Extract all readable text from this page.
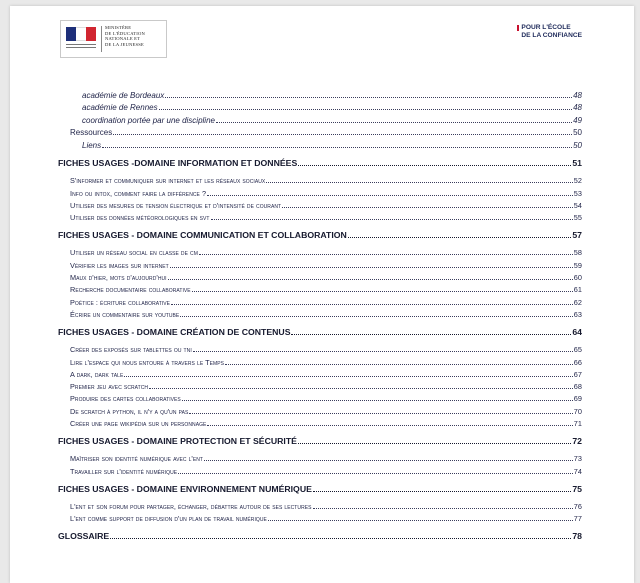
MINISTÈRE
DE L'ÉDUCATION
NATIONALE ET
DE LA JEUNESSE
POUR L'ÉCOLE
DE LA CONFIANCE
académie de Bordeaux	48
académie de Rennes	48
coordination portée par une discipline	49
Ressources	50
Liens	50
FICHES USAGES -DOMAINE INFORMATION ET DONNÉES	51
S'informer et communiquer sur internet et les réseaux sociaux	52
Info ou intox, comment faire la différence ?	53
Utiliser des mesures de tension électrique et d'intensité de courant	54
Utiliser des données météorologiques en svt	55
FICHES USAGES - DOMAINE COMMUNICATION ET COLLABORATION	57
Utiliser un réseau social en classe de cm	58
Vérifier les images sur internet	59
Maux d'hier, mots d'aujourd'hui	60
Recherche documentaire collaborative	61
Poétice : écriture collaborative	62
Écrire un commentaire sur youtube	63
FICHES USAGES - DOMAINE CRÉATION DE CONTENUS	64
Créer des exposés sur tablettes ou tni	65
Lire l'espace qui nous entoure à travers le Temps	66
A dark, dark tale	67
Premier jeu avec scratch	68
Produire des cartes collaboratives	69
De scratch à python, il n'y a qu'un pas	70
Créer une page wikipédia sur un personnage	71
FICHES USAGES - DOMAINE PROTECTION ET SÉCURITÉ	72
Maîtriser son identité numérique avec l'ent	73
Travailler sur l'identité numérique	74
FICHES USAGES - DOMAINE ENVIRONNEMENT NUMÉRIQUE	75
L'ent et son forum pour partager, échanger, débattre autour de ses lectures	76
L'ent comme support de diffusion d'un plan de travail numérique	77
GLOSSAIRE	78
